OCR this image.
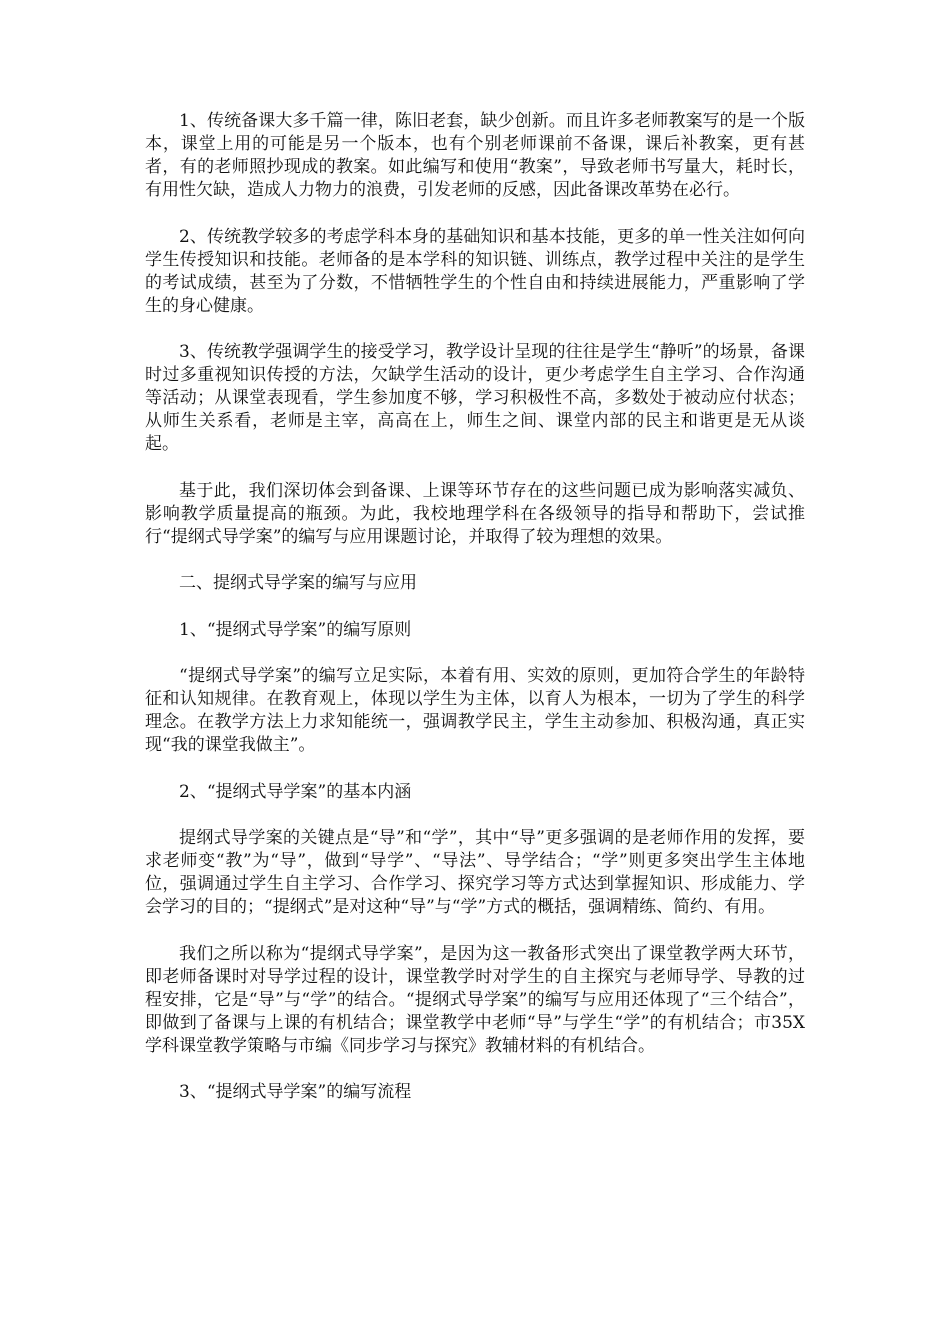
1、传统备课大多千篇一律，陈旧老套，缺少创新。而且许多老师教案写的是一个版本，课堂上用的可能是另一个版本，也有个别老师课前不备课，课后补教案，更有甚者，有的老师照抄现成的教案。如此编写和使用“教案”，导致老师书写量大，耗时长，有用性欠缺，造成人力物力的浪费，引发老师的反感，因此备课改革势在必行。

2、传统教学较多的考虑学科本身的基础知识和基本技能，更多的单一性关注如何向学生传授知识和技能。老师备的是本学科的知识链、训练点，教学过程中关注的是学生的考试成绩，甚至为了分数，不惜牺牲学生的个性自由和持续进展能力，严重影响了学生的身心健康。

3、传统教学强调学生的接受学习，教学设计呈现的往往是学生“静听”的场景，备课时过多重视知识传授的方法，欠缺学生活动的设计，更少考虑学生自主学习、合作沟通等活动；从课堂表现看，学生参加度不够，学习积极性不高，多数处于被动应付状态；从师生关系看，老师是主宰，高高在上，师生之间、课堂内部的民主和谐更是无从谈起。

基于此，我们深切体会到备课、上课等环节存在的这些问题已成为影响落实减负、影响教学质量提高的瓶颈。为此，我校地理学科在各级领导的指导和帮助下，尝试推行“提纲式导学案”的编写与应用课题讨论，并取得了较为理想的效果。

二、提纲式导学案的编写与应用

1、“提纲式导学案”的编写原则

“提纲式导学案”的编写立足实际，本着有用、实效的原则，更加符合学生的年龄特征和认知规律。在教育观上，体现以学生为主体，以育人为根本，一切为了学生的科学理念。在教学方法上力求知能统一，强调教学民主，学生主动参加、积极沟通，真正实现“我的课堂我做主”。

2、“提纲式导学案”的基本内涵

提纲式导学案的关键点是“导”和“学”，其中“导”更多强调的是老师作用的发挥，要求老师变“教”为“导”，做到“导学”、“导法”、导学结合；“学”则更多突出学生主体地位，强调通过学生自主学习、合作学习、探究学习等方式达到掌握知识、形成能力、学会学习的目的；“提纲式”是对这种“导”与“学”方式的概括，强调精练、简约、有用。

我们之所以称为“提纲式导学案”，是因为这一教备形式突出了课堂教学两大环节，即老师备课时对导学过程的设计，课堂教学时对学生的自主探究与老师导学、导教的过程安排，它是“导”与“学”的结合。“提纲式导学案”的编写与应用还体现了“三个结合”，即做到了备课与上课的有机结合；课堂教学中老师“导”与学生“学”的有机结合；市35X学科课堂教学策略与市编《同步学习与探究》教辅材料的有机结合。

3、“提纲式导学案”的编写流程
